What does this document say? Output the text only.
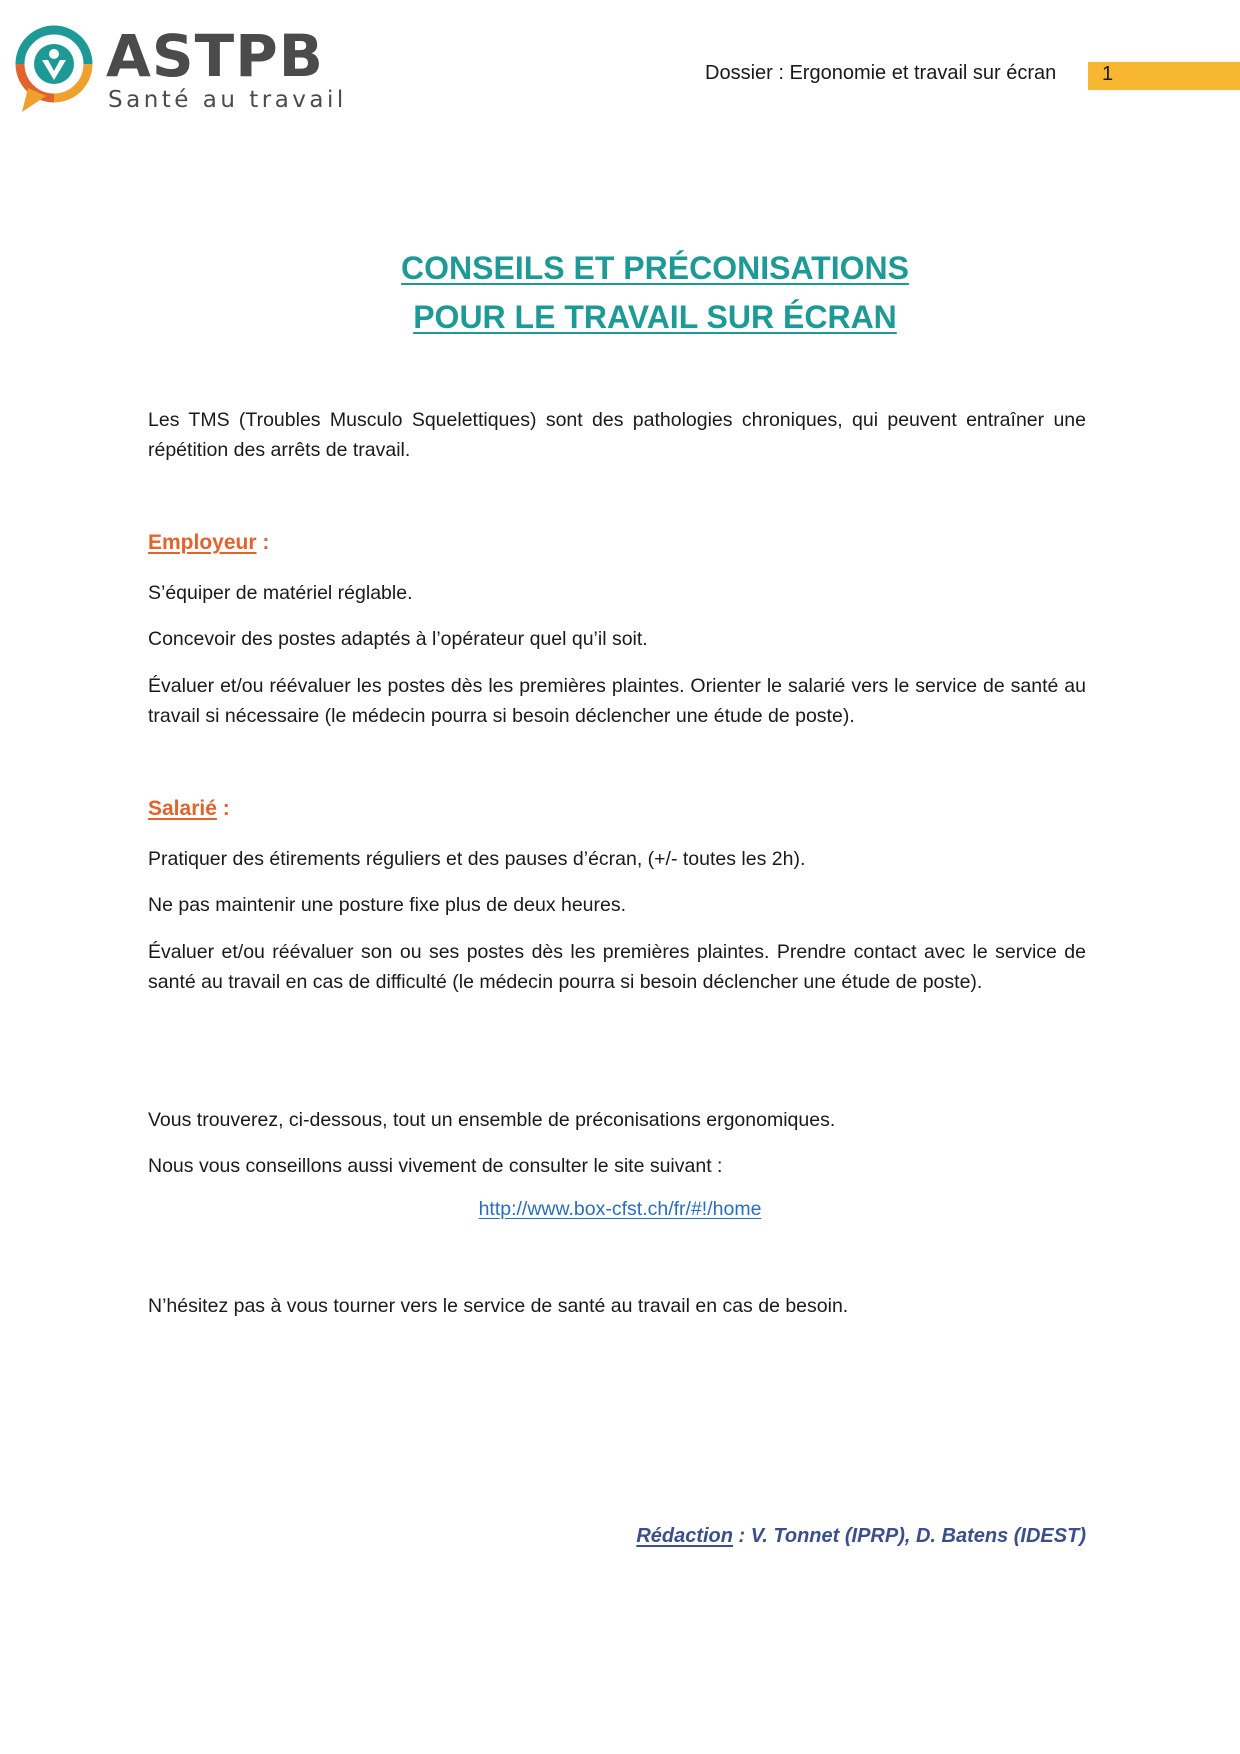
ASTPB
Santé au travail
Dossier : Ergonomie et travail sur écran 1
CONSEILS ET PRÉCONISATIONS
POUR LE TRAVAIL SUR ÉCRAN

Les TMS (Troubles Musculo Squelettiques) sont des pathologies chroniques, qui peuvent entraîner une répétition des arrêts de travail.

Employeur :

S’équiper de matériel réglable.

Concevoir des postes adaptés à l’opérateur quel qu’il soit.

Évaluer et/ou réévaluer les postes dès les premières plaintes. Orienter le salarié vers le service de santé au travail si nécessaire (le médecin pourra si besoin déclencher une étude de poste).

Salarié :

Pratiquer des étirements réguliers et des pauses d’écran, (+/- toutes les 2h).

Ne pas maintenir une posture fixe plus de deux heures.

Évaluer et/ou réévaluer son ou ses postes dès les premières plaintes. Prendre contact avec le service de santé au travail en cas de difficulté (le médecin pourra si besoin déclencher une étude de poste).

Vous trouverez, ci-dessous, tout un ensemble de préconisations ergonomiques.

Nous vous conseillons aussi vivement de consulter le site suivant :

http://www.box-cfst.ch/fr/#!/home

N’hésitez pas à vous tourner vers le service de santé au travail en cas de besoin.

Rédaction : V. Tonnet (IPRP), D. Batens (IDEST)
